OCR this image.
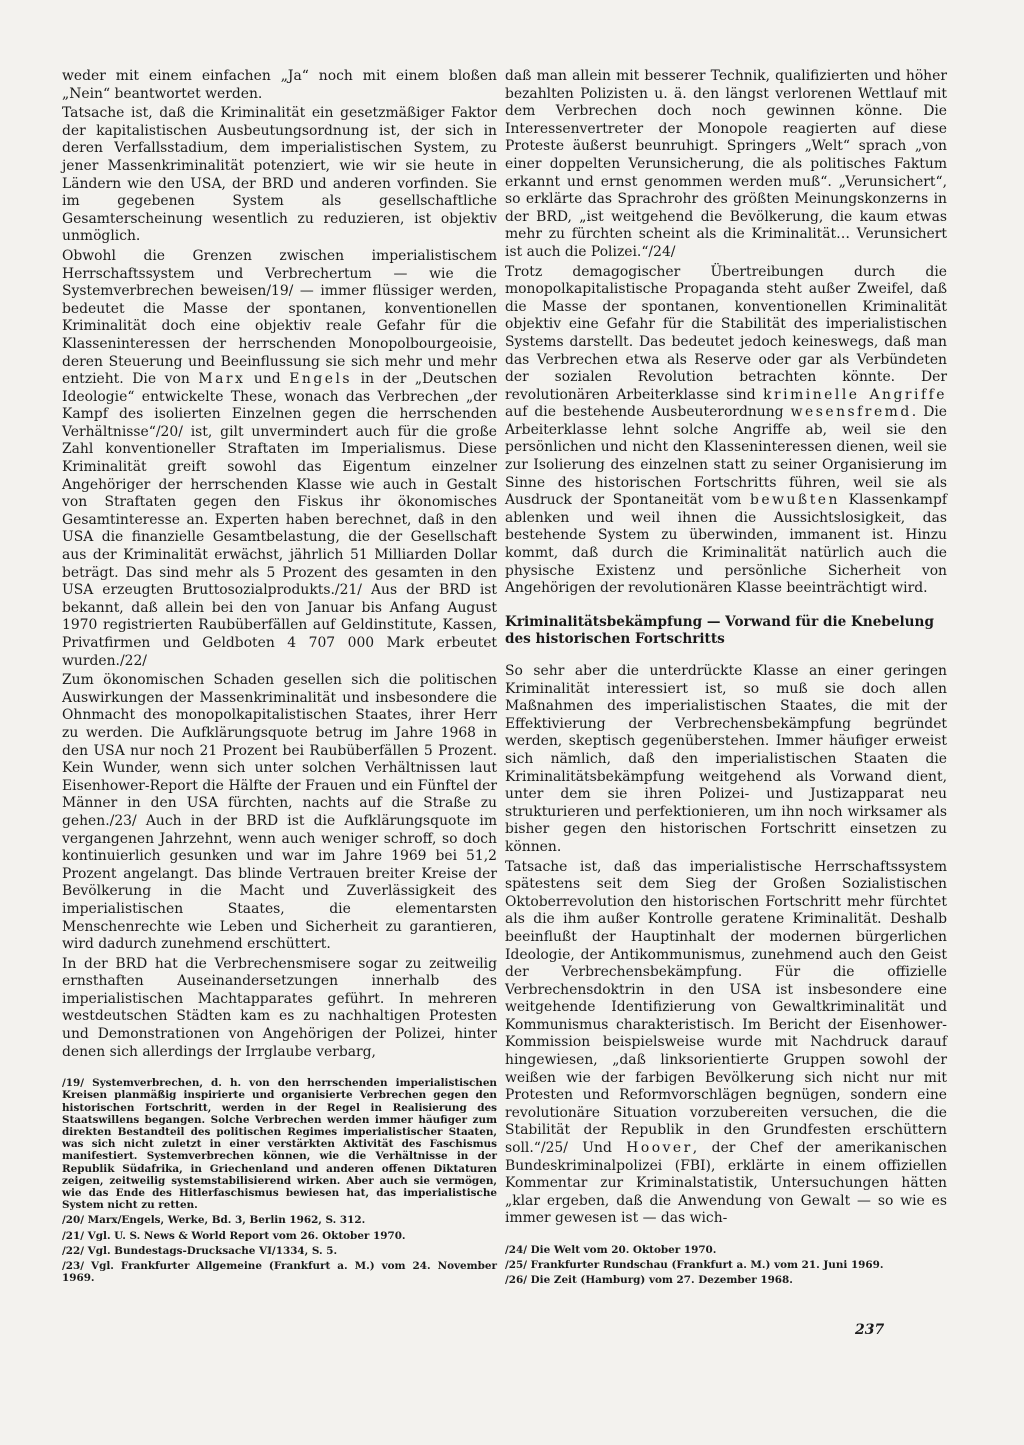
weder mit einem einfachen „Ja“ noch mit einem bloßen „Nein“ beantwortet werden.

Tatsache ist, daß die Kriminalität ein gesetzmäßiger Faktor der kapitalistischen Ausbeutungsordnung ist, der sich in deren Verfallsstadium, dem imperialistischen System, zu jener Massenkriminalität potenziert, wie wir sie heute in Ländern wie den USA, der BRD und anderen vorfinden. Sie im gegebenen System als gesellschaftliche Gesamterscheinung wesentlich zu reduzieren, ist objektiv unmöglich.

Obwohl die Grenzen zwischen imperialistischem Herrschaftssystem und Verbrechertum — wie die Systemverbrechen beweisen/19/ — immer flüssiger werden, bedeutet die Masse der spontanen, konventionellen Kriminalität doch eine objektiv reale Gefahr für die Klasseninteressen der herrschenden Monopolbourgeoisie, deren Steuerung und Beeinflussung sie sich mehr und mehr entzieht. Die von Marx und Engels in der „Deutschen Ideologie“ entwickelte These, wonach das Verbrechen „der Kampf des isolierten Einzelnen gegen die herrschenden Verhältnisse“/20/ ist, gilt unvermindert auch für die große Zahl konventioneller Straftaten im Imperialismus. Diese Kriminalität greift sowohl das Eigentum einzelner Angehöriger der herrschenden Klasse wie auch in Gestalt von Straftaten gegen den Fiskus ihr ökonomisches Gesamtinteresse an. Experten haben berechnet, daß in den USA die finanzielle Gesamtbelastung, die der Gesellschaft aus der Kriminalität erwächst, jährlich 51 Milliarden Dollar beträgt. Das sind mehr als 5 Prozent des gesamten in den USA erzeugten Bruttosozialprodukts./21/ Aus der BRD ist bekannt, daß allein bei den von Januar bis Anfang August 1970 registrierten Raubüberfällen auf Geldinstitute, Kassen, Privatfirmen und Geldboten 4 707 000 Mark erbeutet wurden./22/

Zum ökonomischen Schaden gesellen sich die politischen Auswirkungen der Massenkriminalität und insbesondere die Ohnmacht des monopolkapitalistischen Staates, ihrer Herr zu werden. Die Aufklärungsquote betrug im Jahre 1968 in den USA nur noch 21 Prozent bei Raubüberfällen 5 Prozent. Kein Wunder, wenn sich unter solchen Verhältnissen laut Eisenhower-Report die Hälfte der Frauen und ein Fünftel der Männer in den USA fürchten, nachts auf die Straße zu gehen./23/ Auch in der BRD ist die Aufklärungsquote im vergangenen Jahrzehnt, wenn auch weniger schroff, so doch kontinuierlich gesunken und war im Jahre 1969 bei 51,2 Prozent angelangt. Das blinde Vertrauen breiter Kreise der Bevölkerung in die Macht und Zuverlässigkeit des imperialistischen Staates, die elementarsten Menschenrechte wie Leben und Sicherheit zu garantieren, wird dadurch zunehmend erschüttert.

In der BRD hat die Verbrechensmisere sogar zu zeitweilig ernsthaften Auseinandersetzungen innerhalb des imperialistischen Machtapparates geführt. In mehreren westdeutschen Städten kam es zu nachhaltigen Protesten und Demonstrationen von Angehörigen der Polizei, hinter denen sich allerdings der Irrglaube verbarg,

/19/ Systemverbrechen, d. h. von den herrschenden imperialistischen Kreisen planmäßig inspirierte und organisierte Verbrechen gegen den historischen Fortschritt, werden in der Regel in Realisierung des Staatswillens begangen. Solche Verbrechen werden immer häufiger zum direkten Bestandteil des politischen Regimes imperialistischer Staaten, was sich nicht zuletzt in einer verstärkten Aktivität des Faschismus manifestiert. Systemverbrechen können, wie die Verhältnisse in der Republik Südafrika, in Griechenland und anderen offenen Diktaturen zeigen, zeitweilig systemstabilisierend wirken. Aber auch sie vermögen, wie das Ende des Hitlerfaschismus bewiesen hat, das imperialistische System nicht zu retten.

/20/ Marx/Engels, Werke, Bd. 3, Berlin 1962, S. 312.

/21/ Vgl. U. S. News & World Report vom 26. Oktober 1970.

/22/ Vgl. Bundestags-Drucksache VI/1334, S. 5.

/23/ Vgl. Frankfurter Allgemeine (Frankfurt a. M.) vom 24. November 1969.

daß man allein mit besserer Technik, qualifizierten und höher bezahlten Polizisten u. ä. den längst verlorenen Wettlauf mit dem Verbrechen doch noch gewinnen könne. Die Interessenvertreter der Monopole reagierten auf diese Proteste äußerst beunruhigt. Springers „Welt“ sprach „von einer doppelten Verunsicherung, die als politisches Faktum erkannt und ernst genommen werden muß“. „Verunsichert“, so erklärte das Sprachrohr des größten Meinungskonzerns in der BRD, „ist weitgehend die Bevölkerung, die kaum etwas mehr zu fürchten scheint als die Kriminalität… Verunsichert ist auch die Polizei.“/24/

Trotz demagogischer Übertreibungen durch die monopolkapitalistische Propaganda steht außer Zweifel, daß die Masse der spontanen, konventionellen Kriminalität objektiv eine Gefahr für die Stabilität des imperialistischen Systems darstellt. Das bedeutet jedoch keineswegs, daß man das Verbrechen etwa als Reserve oder gar als Verbündeten der sozialen Revolution betrachten könnte. Der revolutionären Arbeiterklasse sind kriminelle Angriffe auf die bestehende Ausbeuterordnung wesensfremd. Die Arbeiterklasse lehnt solche Angriffe ab, weil sie den persönlichen und nicht den Klasseninteressen dienen, weil sie zur Isolierung des einzelnen statt zu seiner Organisierung im Sinne des historischen Fortschritts führen, weil sie als Ausdruck der Spontaneität vom bewußten Klassenkampf ablenken und weil ihnen die Aussichtslosigkeit, das bestehende System zu überwinden, immanent ist. Hinzu kommt, daß durch die Kriminalität natürlich auch die physische Existenz und persönliche Sicherheit von Angehörigen der revolutionären Klasse beeinträchtigt wird.

Kriminalitätsbekämpfung — Vorwand für die Knebelung des historischen Fortschritts

So sehr aber die unterdrückte Klasse an einer geringen Kriminalität interessiert ist, so muß sie doch allen Maßnahmen des imperialistischen Staates, die mit der Effektivierung der Verbrechensbekämpfung begründet werden, skeptisch gegenüberstehen. Immer häufiger erweist sich nämlich, daß den imperialistischen Staaten die Kriminalitätsbekämpfung weitgehend als Vorwand dient, unter dem sie ihren Polizei- und Justizapparat neu strukturieren und perfektionieren, um ihn noch wirksamer als bisher gegen den historischen Fortschritt einsetzen zu können.

Tatsache ist, daß das imperialistische Herrschaftssystem spätestens seit dem Sieg der Großen Sozialistischen Oktoberrevolution den historischen Fortschritt mehr fürchtet als die ihm außer Kontrolle geratene Kriminalität. Deshalb beeinflußt der Hauptinhalt der modernen bürgerlichen Ideologie, der Antikommunismus, zunehmend auch den Geist der Verbrechensbekämpfung. Für die offizielle Verbrechensdoktrin in den USA ist insbesondere eine weitgehende Identifizierung von Gewaltkriminalität und Kommunismus charakteristisch. Im Bericht der Eisenhower-Kommission beispielsweise wurde mit Nachdruck darauf hingewiesen, „daß linksorientierte Gruppen sowohl der weißen wie der farbigen Bevölkerung sich nicht nur mit Protesten und Reformvorschlägen begnügen, sondern eine revolutionäre Situation vorzubereiten versuchen, die die Stabilität der Republik in den Grundfesten erschüttern soll.“/25/ Und Hoover, der Chef der amerikanischen Bundeskriminalpolizei (FBI), erklärte in einem offiziellen Kommentar zur Kriminalstatistik, Untersuchungen hätten „klar ergeben, daß die Anwendung von Gewalt — so wie es immer gewesen ist — das wich-

/24/ Die Welt vom 20. Oktober 1970.

/25/ Frankfurter Rundschau (Frankfurt a. M.) vom 21. Juni 1969.

/26/ Die Zeit (Hamburg) vom 27. Dezember 1968.

237
